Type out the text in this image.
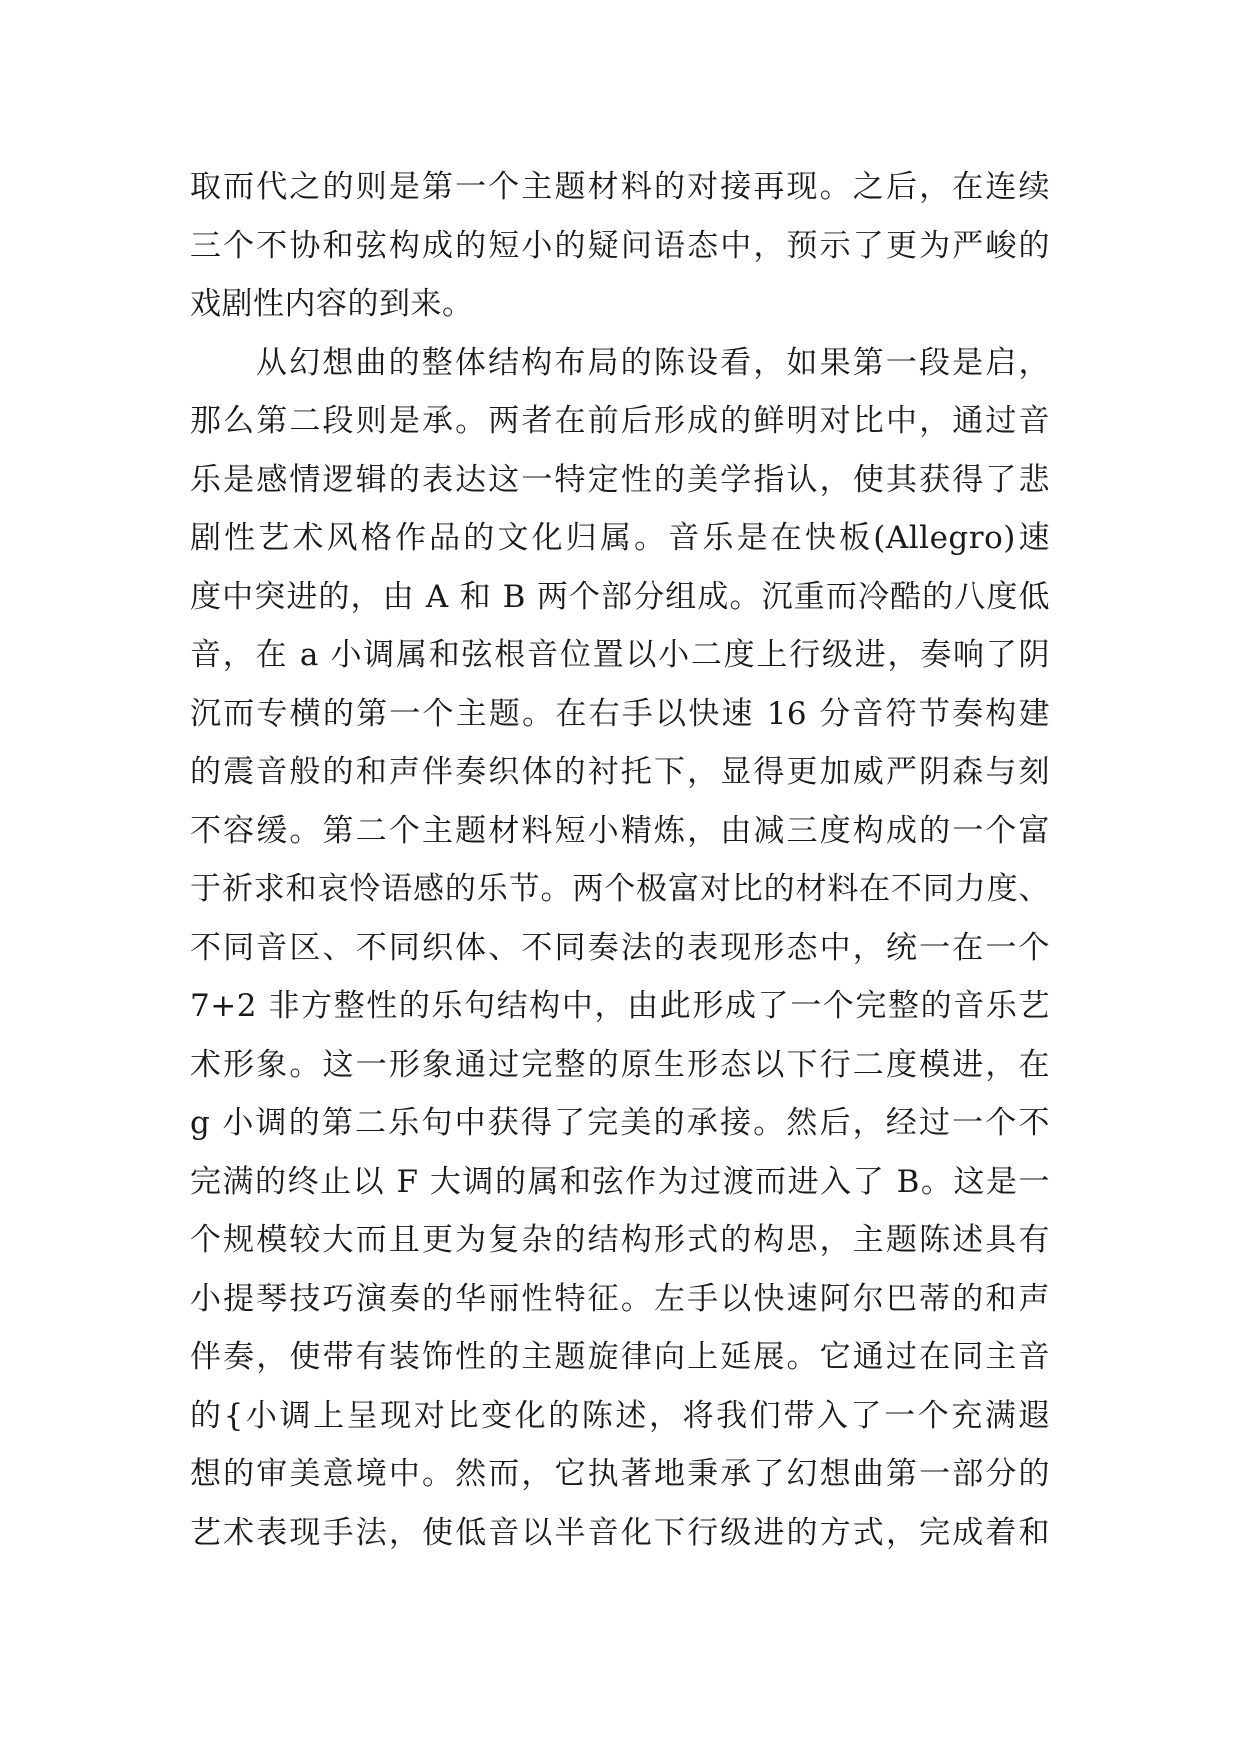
取而代之的则是第一个主题材料的对接再现。之后，在连续
三个不协和弦构成的短小的疑问语态中，预示了更为严峻的
戏剧性内容的到来。
从幻想曲的整体结构布局的陈设看，如果第一段是启，
那么第二段则是承。两者在前后形成的鲜明对比中，通过音
乐是感情逻辑的表达这一特定性的美学指认，使其获得了悲
剧性艺术风格作品的文化归属。音乐是在快板(Allegro)速
度中突进的，由 A 和 B 两个部分组成。沉重而冷酷的八度低
音，在 a 小调属和弦根音位置以小二度上行级进，奏响了阴
沉而专横的第一个主题。在右手以快速 16 分音符节奏构建
的震音般的和声伴奏织体的衬托下，显得更加威严阴森与刻
不容缓。第二个主题材料短小精炼，由减三度构成的一个富
于祈求和哀怜语感的乐节。两个极富对比的材料在不同力度、
不同音区、不同织体、不同奏法的表现形态中，统一在一个
7+2 非方整性的乐句结构中，由此形成了一个完整的音乐艺
术形象。这一形象通过完整的原生形态以下行二度模进，在
g 小调的第二乐句中获得了完美的承接。然后，经过一个不
完满的终止以 F 大调的属和弦作为过渡而进入了 B。这是一
个规模较大而且更为复杂的结构形式的构思，主题陈述具有
小提琴技巧演奏的华丽性特征。左手以快速阿尔巴蒂的和声
伴奏，使带有装饰性的主题旋律向上延展。它通过在同主音
的{小调上呈现对比变化的陈述，将我们带入了一个充满遐
想的审美意境中。然而，它执著地秉承了幻想曲第一部分的
艺术表现手法，使低音以半音化下行级进的方式，完成着和
